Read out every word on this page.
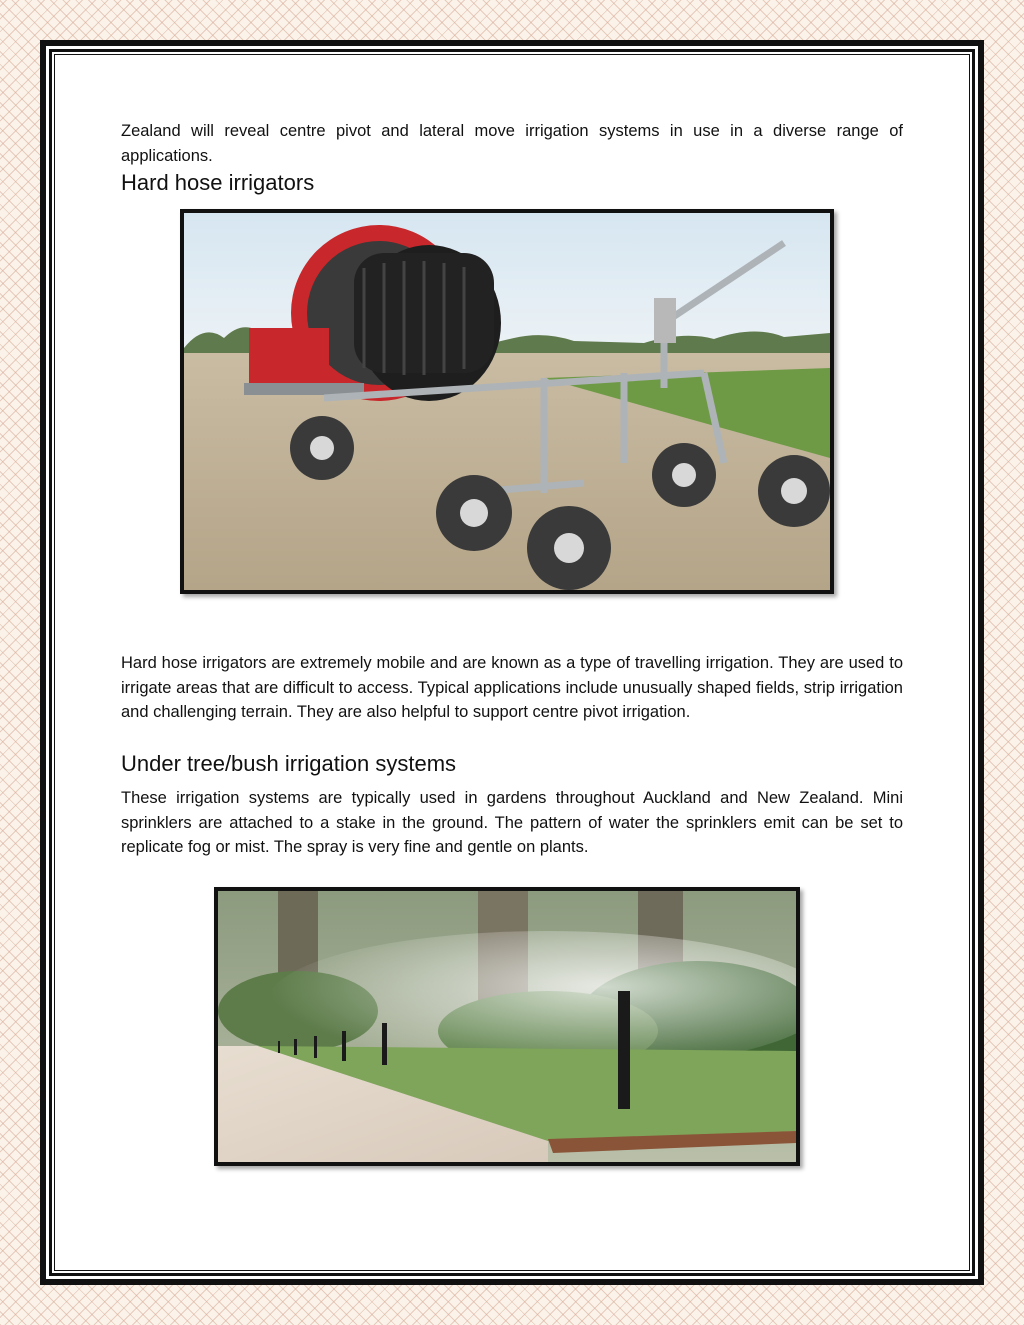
Zealand will reveal centre pivot and lateral move irrigation systems in use in a diverse range of applications.

Hard hose irrigators

Hard hose irrigators are extremely mobile and are known as a type of travelling irrigation. They are used to irrigate areas that are difficult to access. Typical applications include unusually shaped fields, strip irrigation and challenging terrain. They are also helpful to support centre pivot irrigation.

Under tree/bush irrigation systems

These irrigation systems are typically used in gardens throughout Auckland and New Zealand. Mini sprinklers are attached to a stake in the ground. The pattern of water the sprinklers emit can be set to replicate fog or mist. The spray is very fine and gentle on plants.
